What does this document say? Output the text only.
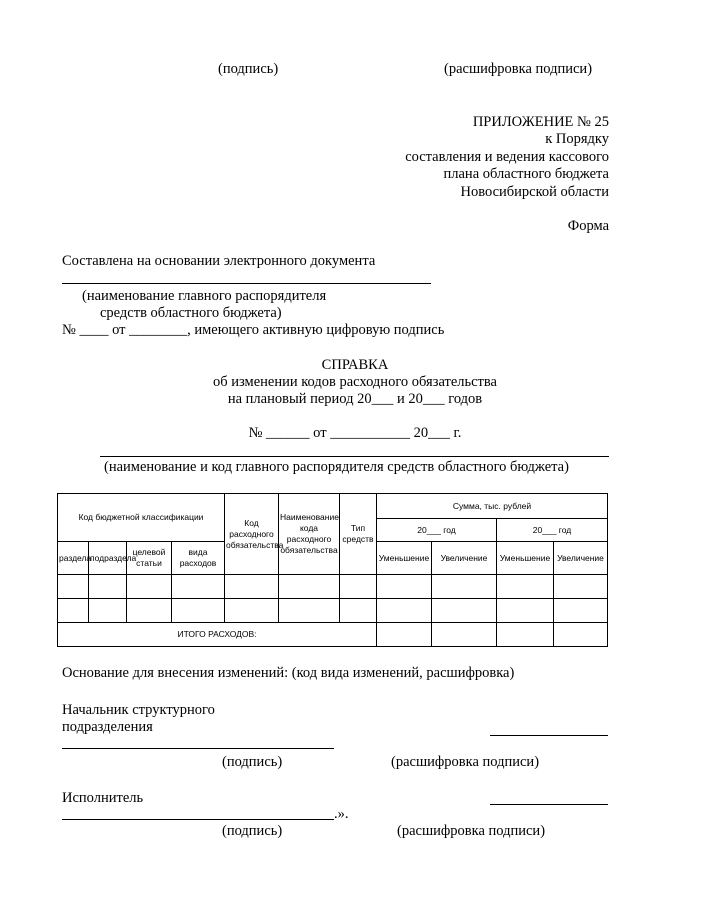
(подпись)	(расшифровка подписи)
ПРИЛОЖЕНИЕ № 25
к Порядку
составления и ведения кассового
плана областного бюджета
Новосибирской области
Форма
Составлена на основании электронного документа
(наименование главного распорядителя
средств областного бюджета)
№ ____ от ________, имеющего активную цифровую подпись
СПРАВКА
об изменении кодов расходного обязательства
на плановый период 20___ и 20___ годов
№ ______ от ___________ 20___ г.
(наименование и код главного распорядителя средств областного бюджета)
Код бюджетной классификации				Код расходного обязательства	Наименование кода расходного обязательства	Тип средств	Сумма, тыс. рублей			
							20___ год		20___ год	
раздела	подраздела	целевой статьи	вида расходов				Уменьшение	Увеличение	Уменьшение	Увеличение

ИТОГО РАСХОДОВ:										
Основание для внесения изменений: (код вида изменений, расшифровка)
Начальник структурного
подразделения
(подпись)	(расшифровка подписи)
Исполнитель
.».
(подпись)	(расшифровка подписи)
